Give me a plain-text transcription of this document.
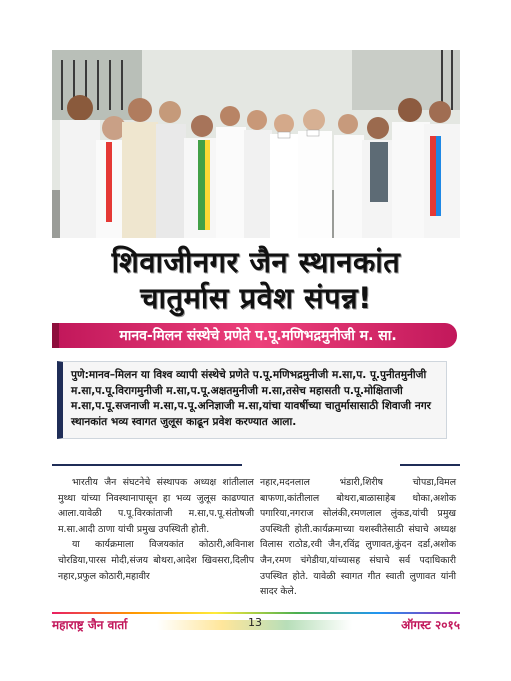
शिवाजीनगर जैन स्थानकांत
चातुर्मास प्रवेश संपन्न!
मानव-मिलन संस्थेचे प्रणेते प.पू.मणिभद्रमुनीजी म. सा.

पुणे:मानव–मिलन या विश्व व्यापी संस्थेचे प्रणेते प.पू.मणिभद्रमुनीजी म.सा,प. पू.पुनीतमुनीजी म.सा,प.पू.विरागमुनीजी म.सा,प.पू.अक्षतमुनीजी म.सा,तसेच महासती प.पू.मोक्षिताजी म.सा,प.पू.सजनाजी म.सा,प.पू.अनिज्ञाजी म.सा,यांचा यावर्षीच्या चातुर्मासासाठी शिवाजी नगर स्थानकांत भव्य स्वागत जुलूस काढून प्रवेश करण्यात आला.

भारतीय जैन संघटनेचे संस्थापक अध्यक्ष शांतीलाल मुथ्था यांच्या निवस्थानापासून हा भव्य जुलूस काढण्यात आला.यावेळी प.पू.विरकांताजी म.सा,प.पू.संतोषजी म.सा.आदी ठाणा यांची प्रमुख उपस्थिती होती.

या कार्यक्रमाला विजयकांत कोठारी,अविनाश चोरडिया,पारस मोदी,संजय बोथरा,आदेश खिवसरा,दिलीप नहार,प्रफुल कोठारी,महावीर

नहार,मदनलाल भंडारी,शिरीष चोपडा,विमल बाफणा,कांतीलाल बोथरा,बाळासाहेब धोका,अशोक पगारिया,नगराज सोलंकी,रमणलाल लुंकड,यांची प्रमुख उपस्थिती होती.कार्यक्रमाच्या यशस्वीतेसाठी संघाचे अध्यक्ष विलास राठोड,रवी जैन,रविंद्र लुणावत,कुंदन दर्डा,अशोक जैन,रमण चंगेडीया,यांच्यासह संघाचे सर्व पदाधिकारी उपस्थित होते. यावेळी स्वागत गीत स्वाती लुणावत यांनी सादर केले.

महाराष्ट्र जैन वार्ता	13	ऑगस्ट २०१५
